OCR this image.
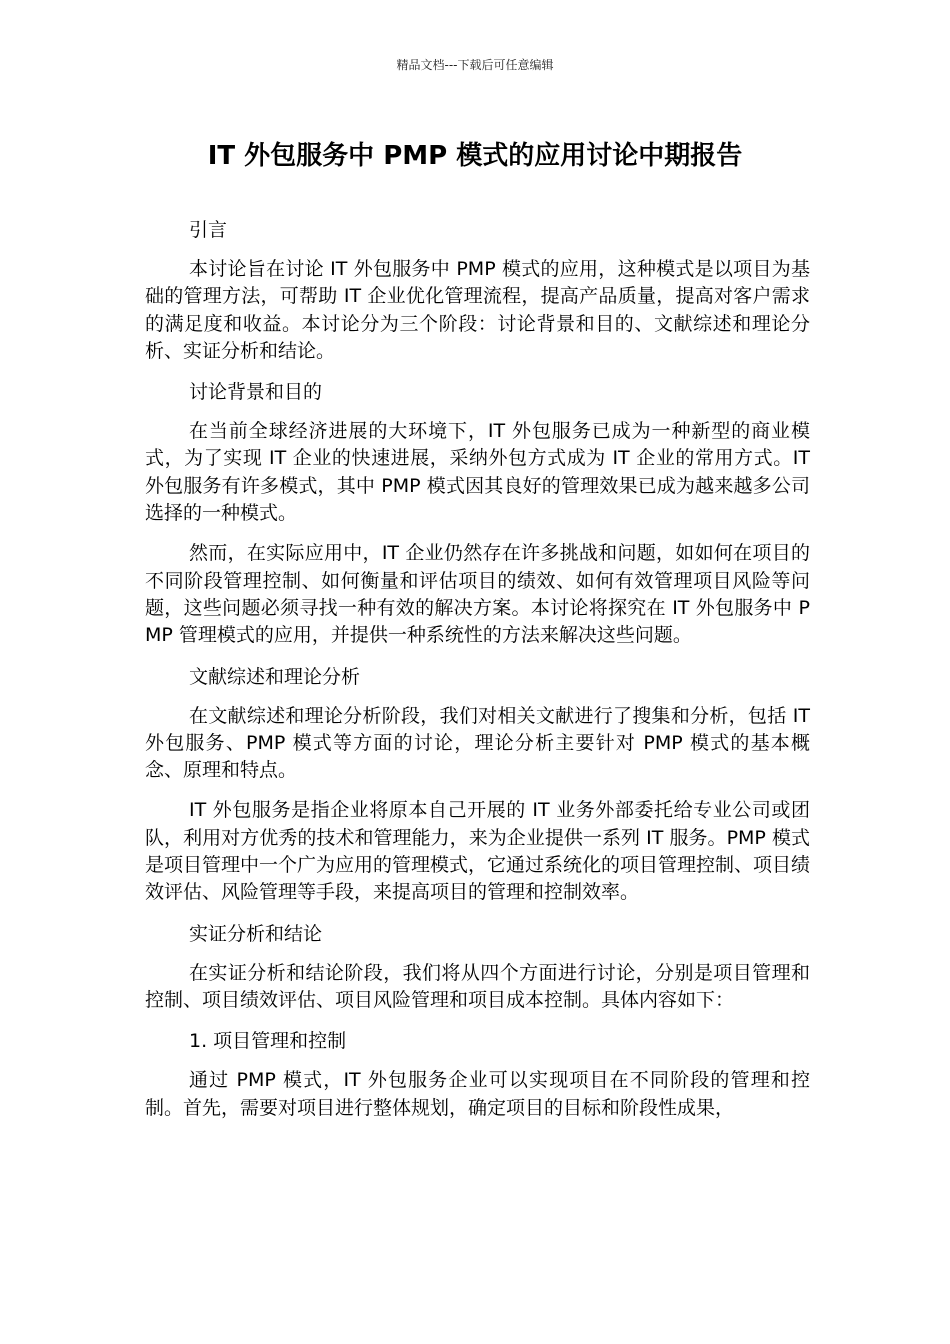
精品文档---下载后可任意编辑
IT 外包服务中 PMP 模式的应用讨论中期报告
引言

本讨论旨在讨论 IT 外包服务中 PMP 模式的应用，这种模式是以项目为基础的管理方法，可帮助 IT 企业优化管理流程，提高产品质量，提高对客户需求的满足度和收益。本讨论分为三个阶段：讨论背景和目的、文献综述和理论分析、实证分析和结论。

讨论背景和目的

在当前全球经济进展的大环境下，IT 外包服务已成为一种新型的商业模式，为了实现 IT 企业的快速进展，采纳外包方式成为 IT 企业的常用方式。IT 外包服务有许多模式，其中 PMP 模式因其良好的管理效果已成为越来越多公司选择的一种模式。

然而，在实际应用中，IT 企业仍然存在许多挑战和问题，如如何在项目的不同阶段管理控制、如何衡量和评估项目的绩效、如何有效管理项目风险等问题，这些问题必须寻找一种有效的解决方案。本讨论将探究在 IT 外包服务中 PMP 管理模式的应用，并提供一种系统性的方法来解决这些问题。

文献综述和理论分析

在文献综述和理论分析阶段，我们对相关文献进行了搜集和分析，包括 IT 外包服务、PMP 模式等方面的讨论，理论分析主要针对 PMP 模式的基本概念、原理和特点。

IT 外包服务是指企业将原本自己开展的 IT 业务外部委托给专业公司或团队，利用对方优秀的技术和管理能力，来为企业提供一系列 IT 服务。PMP 模式是项目管理中一个广为应用的管理模式，它通过系统化的项目管理控制、项目绩效评估、风险管理等手段，来提高项目的管理和控制效率。

实证分析和结论

在实证分析和结论阶段，我们将从四个方面进行讨论，分别是项目管理和控制、项目绩效评估、项目风险管理和项目成本控制。具体内容如下：

1. 项目管理和控制

通过 PMP 模式，IT 外包服务企业可以实现项目在不同阶段的管理和控制。首先，需要对项目进行整体规划，确定项目的目标和阶段性成果，
